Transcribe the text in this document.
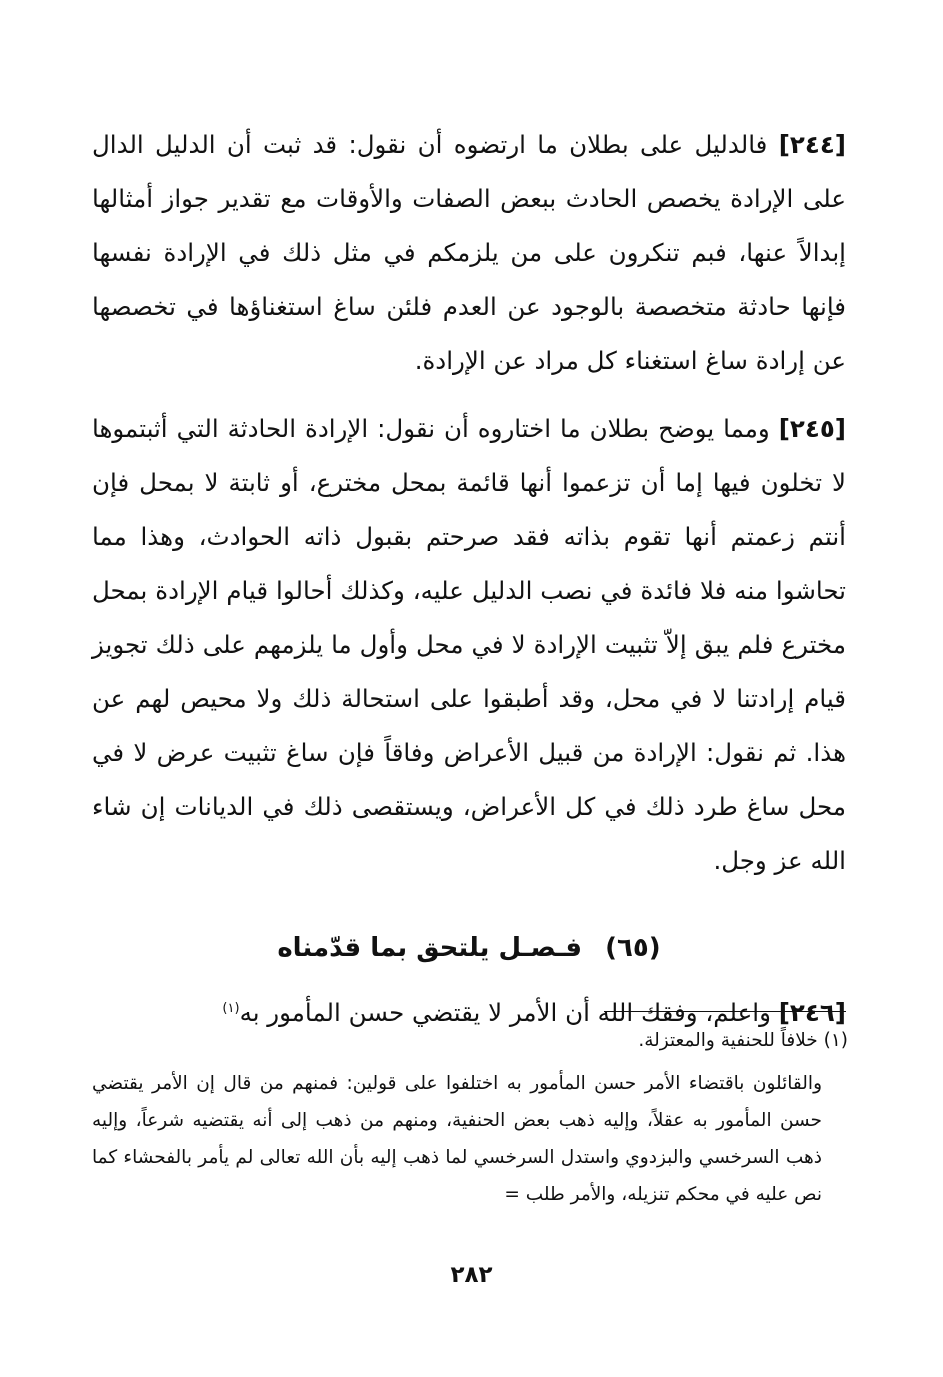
[٢٤٤] فالدليل على بطلان ما ارتضوه أن نقول: قد ثبت أن الدليل الدال على الإرادة يخصص الحادث ببعض الصفات والأوقات مع تقدير جواز أمثالها إبدالاً عنها، فبم تنكرون على من يلزمكم في مثل ذلك في الإرادة نفسها فإنها حادثة متخصصة بالوجود عن العدم فلئن ساغ استغناؤها في تخصصها عن إرادة ساغ استغناء كل مراد عن الإرادة.

[٢٤٥] ومما يوضح بطلان ما اختاروه أن نقول: الإرادة الحادثة التي أثبتموها لا تخلون فيها إما أن تزعموا أنها قائمة بمحل مخترع، أو ثابتة لا بمحل فإن أنتم زعمتم أنها تقوم بذاته فقد صرحتم بقبول ذاته الحوادث، وهذا مما تحاشوا منه فلا فائدة في نصب الدليل عليه، وكذلك أحالوا قيام الإرادة بمحل مخترع فلم يبق إلاّ تثبيت الإرادة لا في محل وأول ما يلزمهم على ذلك تجويز قيام إرادتنا لا في محل، وقد أطبقوا على استحالة ذلك ولا محيص لهم عن هذا. ثم نقول: الإرادة من قبيل الأعراض وفاقاً فإن ساغ تثبيت عرض لا في محل ساغ طرد ذلك في كل الأعراض، ويستقصى ذلك في الديانات إن شاء الله عز وجل.

(٦٥) فـصـل يلتحق بما قدّمناه
[٢٤٦] واعلم، وفقك الله أن الأمر لا يقتضي حسن المأمور به$^{(١)}$

(١) خلافاً للحنفية والمعتزلة.

والقائلون باقتضاء الأمر حسن المأمور به اختلفوا على قولين: فمنهم من قال إن الأمر يقتضي حسن المأمور به عقلاً، وإليه ذهب بعض الحنفية، ومنهم من ذهب إلى أنه يقتضيه شرعاً، وإليه ذهب السرخسي والبزدوي واستدل السرخسي لما ذهب إليه بأن الله تعالى لم يأمر بالفحشاء كما نص عليه في محكم تنزيله، والأمر طلب =

٢٨٢
